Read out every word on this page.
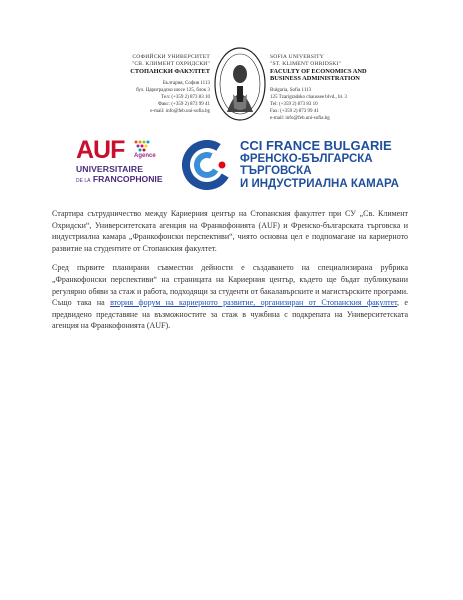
СОФИЙСКИ УНИВЕРСИТЕТ
"СВ. КЛИМЕНТ ОХРИДСКИ"
СТОПАНСКИ ФАКУЛТЕТ
България, София 1113
бул. Цариградско шосе 125, блок 3
Тел: (+359 2) 873 83 10
Факс: (+359 2) 873 99 41
e-mail: info@feb.uni-sofia.bg
SOFIA UNIVERSITY
"ST. KLIMENT OHRIDSKI"
FACULTY OF ECONOMICS AND
BUSINESS ADMINISTRATION
Bulgaria, Sofia 1113
125 Tzarigradsko chaussee blvd., bl. 3
Tel: (+359 2) 873 83 10
Fax: (+359 2) 873 99 41
e-mail: info@feb.uni-sofia.bg
AUF Agence
UNIVERSITAIRE
DE LA FRANCOPHONIE
CCI FRANCE BULGARIE
ФРЕНСКО-БЪЛГАРСКА
ТЪРГОВСКА
И ИНДУСТРИАЛНА КАМАРА

Стартира сътрудничество между Кариерния център на Стопанския факултет при СУ „Св. Климент Охридски“, Университетската агенция на Франкофонията (AUF) и Френско-българската търговска и индустриална камара „Франкофонски перспективи“, чиято основна цел е подпомагане на кариерното развитие на студентите от Стопанския факултет.

Сред първите планирани съвместни дейности е създаването на специализирана рубрика „Франкофонски перспективи“ на страницата на Кариерния център, където ще бъдат публикувани регулярно обяви за стаж и работа, подходящи за студенти от бакалавърските и магистърските програми. Също така на втория форум на кариерното развитие, организиран от Стопанския факултет, е предвидено представяне на възможностите за стаж в чужбина с подкрепата на Университетската агенция на Франкофонията (AUF).
